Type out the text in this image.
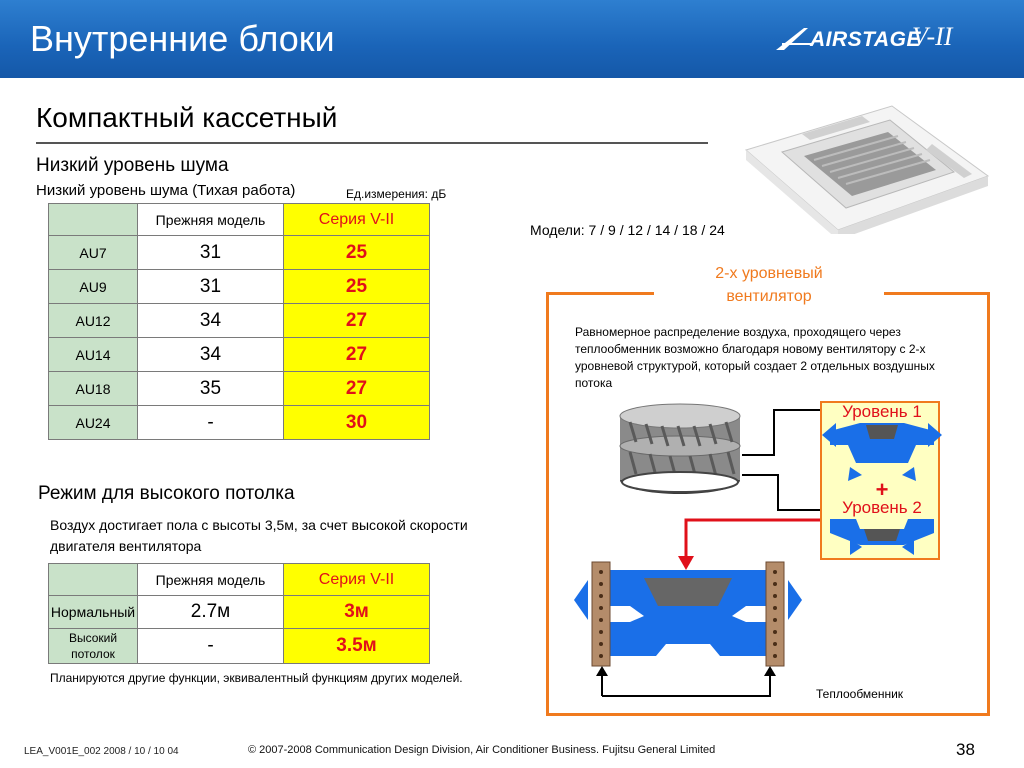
Внутренние блоки	AIRSTAGE
V-II
Компактный кассетный
Низкий уровень шума
Низкий уровень шума (Тихая работа)	Ед.измерения: дБ
	Прежняя модель	Серия V-II
AU7	31	25
AU9	31	25
AU12	34	27
AU14	34	27
AU18	35	27
AU24	-	30
Режим для высокого потолка
Воздух достигает пола с высоты 3,5м, за счет высокой скорости двигателя вентилятора
	Прежняя модель	Серия V-II
Нормальный	2.7м	3м
Высокий потолок	-	3.5м
Планируются другие функции, эквивалентный функциям других моделей.
Модели: 7 / 9 / 12 / 14 / 18 / 24
2-х уровневый
вентилятор
Равномерное распределение воздуха, проходящего через теплообменник возможно благодаря новому вентилятору с 2-х уровневой структурой, который создает 2 отдельных воздушных потока
Уровень 1
+
Уровень 2
Теплообменник
LEA_V001E_002 2008 / 10 / 10 04	© 2007-2008 Communication Design Division, Air Conditioner Business. Fujitsu General Limited	38
